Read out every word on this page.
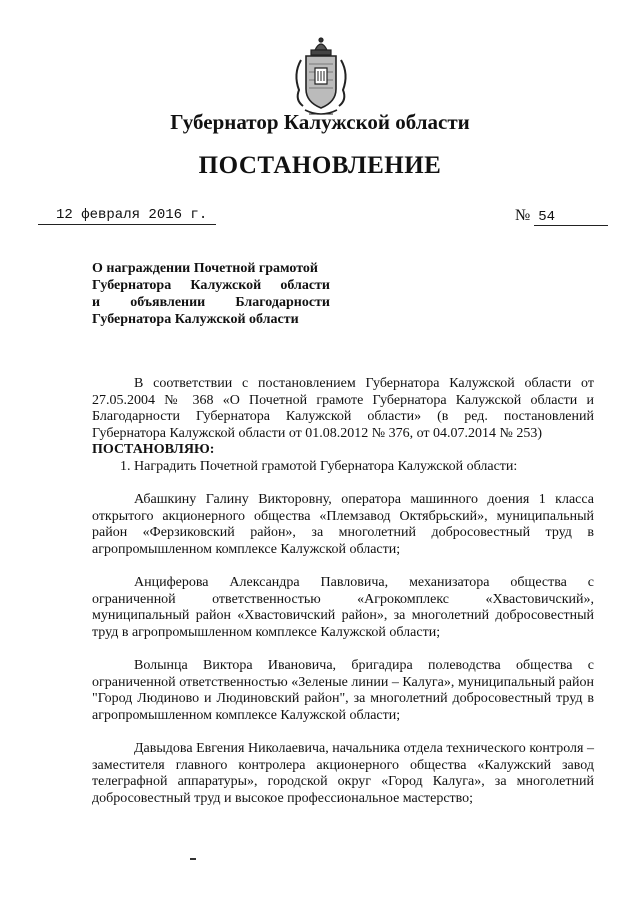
Губернатор Калужской области
ПОСТАНОВЛЕНИЕ
12 февраля 2016 г.	№ 54
О награждении Почетной грамотой
Губернатора Калужской области
и объявлении Благодарности
Губернатора Калужской области

В соответствии с постановлением Губернатора Калужской области от 27.05.2004 № 368 «О Почетной грамоте Губернатора Калужской области и Благодарности Губернатора Калужской области» (в ред. постановлений Губернатора Калужской области от 01.08.2012 № 376, от 04.07.2014 № 253)

ПОСТАНОВЛЯЮ:

1. Наградить Почетной грамотой Губернатора Калужской области:

Абашкину Галину Викторовну, оператора машинного доения 1 класса открытого акционерного общества «Племзавод Октябрьский», муниципальный район «Ферзиковский район», за многолетний добросовестный труд в агропромышленном комплексе Калужской области;

Анциферова Александра Павловича, механизатора общества с ограниченной ответственностью «Агрокомплекс «Хвастовичский», муниципальный район «Хвастовичский район», за многолетний добросовестный труд в агропромышленном комплексе Калужской области;

Волынца Виктора Ивановича, бригадира полеводства общества с ограниченной ответственностью «Зеленые линии – Калуга», муниципальный район "Город Людиново и Людиновский район", за многолетний добросовестный труд в агропромышленном комплексе Калужской области;

Давыдова Евгения Николаевича, начальника отдела технического контроля – заместителя главного контролера акционерного общества «Калужский завод телеграфной аппаратуры», городской округ «Город Калуга», за многолетний добросовестный труд и высокое профессиональное мастерство;
